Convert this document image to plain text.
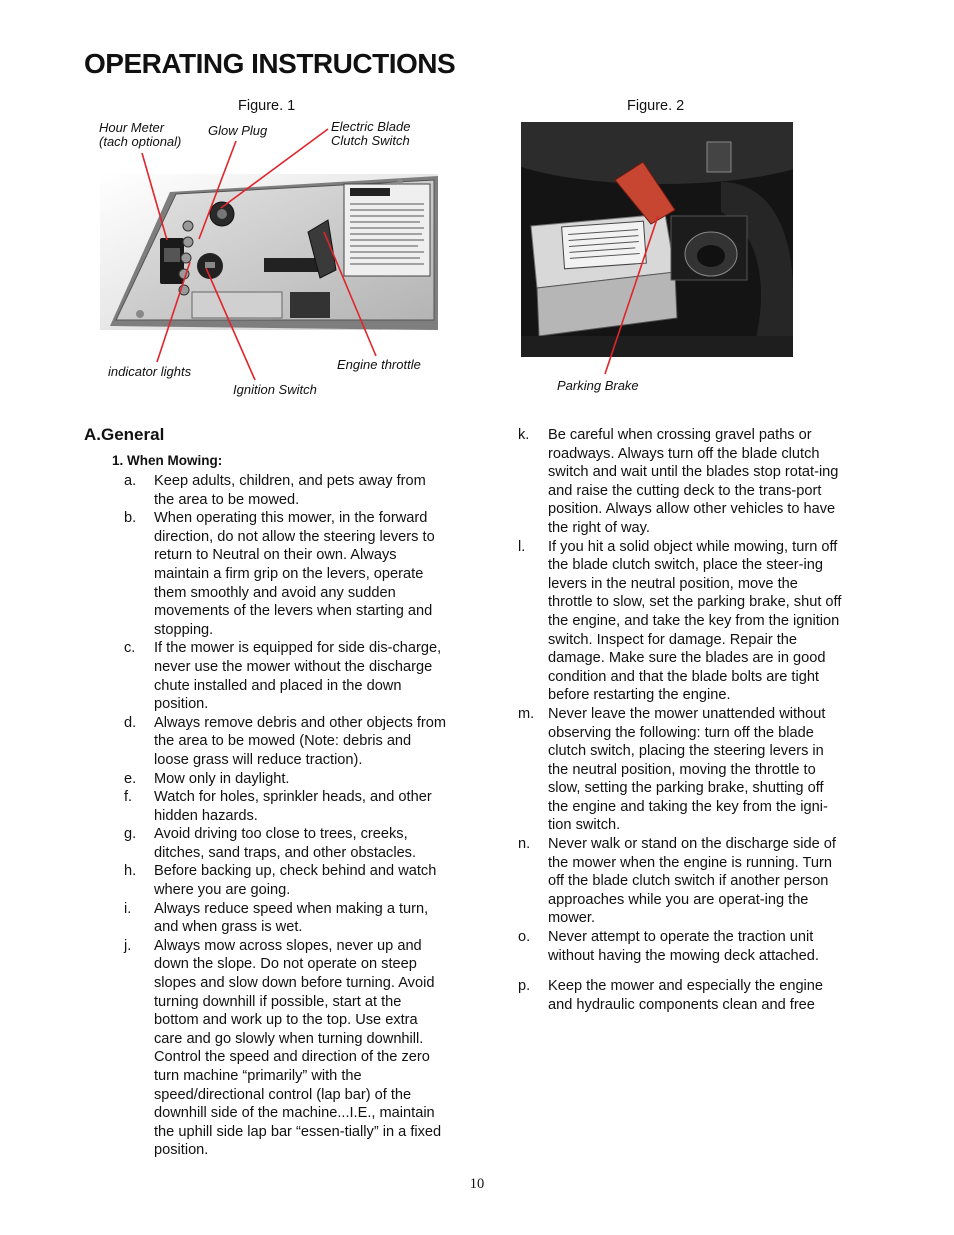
OPERATING INSTRUCTIONS
Figure. 1
Hour Meter
(tach optional)
Glow Plug	Electric Blade
Clutch Switch
indicator lights
Ignition Switch
Engine throttle
Figure. 2
Parking Brake
A.General
1. When Mowing:
a. Keep adults, children, and pets away from the area to be mowed.
b. When operating this mower, in the forward direction, do not allow the steering levers to return to Neutral on their own. Always maintain a firm grip on the levers, operate them smoothly and avoid any sudden movements of the levers when starting and stopping.
c. If the mower is equipped for side dis-charge, never use the mower without the discharge chute installed and placed in the down position.
d. Always remove debris and other objects from the area to be mowed (Note: debris and loose grass will reduce traction).
e. Mow only in daylight.
f. Watch for holes, sprinkler heads, and other hidden hazards.
g. Avoid driving too close to trees, creeks, ditches, sand traps, and other obstacles.
h. Before backing up, check behind and watch where you are going.
i. Always reduce speed when making a turn, and when grass is wet.
j. Always mow across slopes, never up and down the slope. Do not operate on steep slopes and slow down before turning. Avoid turning downhill if possible, start at the bottom and work up to the top. Use extra care and go slowly when turning downhill. Control the speed and direction of the zero turn machine “primarily” with the speed/directional control (lap bar) of the downhill side of the machine...I.E., maintain the uphill side lap bar “essen-tially” in a fixed position.
k. Be careful when crossing gravel paths or roadways. Always turn off the blade clutch switch and wait until the blades stop rotat-ing and raise the cutting deck to the trans-port position. Always allow other vehicles to have the right of way.
l. If you hit a solid object while mowing, turn off the blade clutch switch, place the steer-ing levers in the neutral position, move the throttle to slow, set the parking brake, shut off the engine, and take the key from the ignition switch. Inspect for damage. Repair the damage. Make sure the blades are in good condition and that the blade bolts are tight before restarting the engine.
m. Never leave the mower unattended without observing the following: turn off the blade clutch switch, placing the steering levers in the neutral position, moving the throttle to slow, setting the parking brake, shutting off the engine and taking the key from the igni-tion switch.
n. Never walk or stand on the discharge side of the mower when the engine is running. Turn off the blade clutch switch if another person approaches while you are operat-ing the mower.
o. Never attempt to operate the traction unit without having the mowing deck attached.
p. Keep the mower and especially the engine and hydraulic components clean and free
10
